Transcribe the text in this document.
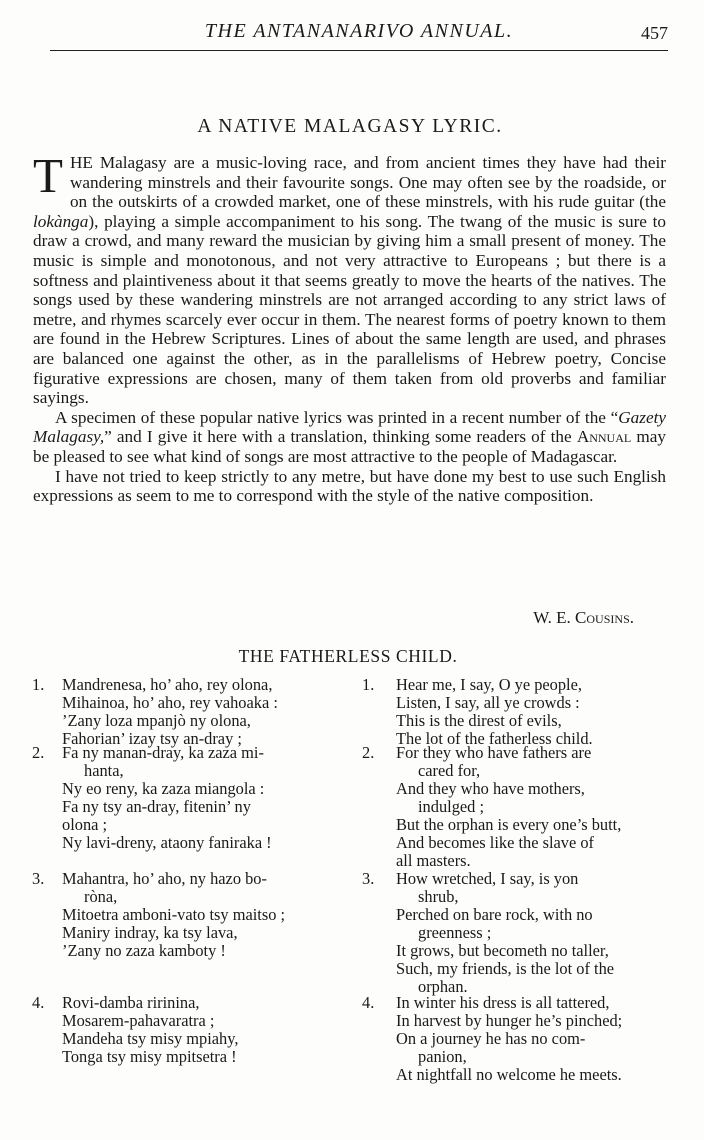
THE ANTANANARIVO ANNUAL.	457
A NATIVE MALAGASY LYRIC.

THE Malagasy are a music-loving race, and from ancient times they have had their wandering minstrels and their favourite songs. One may often see by the roadside, or on the outskirts of a crowded market, one of these minstrels, with his rude guitar (the lokànga), playing a simple accompaniment to his song. The twang of the music is sure to draw a crowd, and many reward the musician by giving him a small present of money. The music is simple and monotonous, and not very attractive to Europeans ; but there is a softness and plaintiveness about it that seems greatly to move the hearts of the natives. The songs used by these wandering minstrels are not arranged according to any strict laws of metre, and rhymes scarcely ever occur in them. The nearest forms of poetry known to them are found in the Hebrew Scriptures. Lines of about the same length are used, and phrases are balanced one against the other, as in the parallelisms of Hebrew poetry, Concise figurative expressions are chosen, many of them taken from old proverbs and familiar sayings.

A specimen of these popular native lyrics was printed in a recent number of the “Gazety Malagasy,” and I give it here with a translation, thinking some readers of the Annual may be pleased to see what kind of songs are most attractive to the people of Madagascar.

I have not tried to keep strictly to any metre, but have done my best to use such English expressions as seem to me to correspond with the style of the native composition.

W. E. Cousins.
THE FATHERLESS CHILD.
1. Mandrenesa, ho’ aho, rey olona,
Mihainoa, ho’ aho, rey vahoaka :
’Zany loza mpanjò ny olona,
Fahorian’ izay tsy an-dray ;
2. Fa ny manan-dray, ka zaza mi-
hanta,
Ny eo reny, ka zaza miangola :
Fa ny tsy an-dray, fitenin’ ny
olona ;
Ny lavi-dreny, ataony faniraka !
3. Mahantra, ho’ aho, ny hazo bo-
ròna,
Mitoetra amboni-vato tsy maitso ;
Maniry indray, ka tsy lava,
’Zany no zaza kamboty !
4. Rovi-damba ririnina,
Mosarem-pahavaratra ;
Mandeha tsy misy mpiahy,
Tonga tsy misy mpitsetra !
1. Hear me, I say, O ye people,
Listen, I say, all ye crowds :
This is the direst of evils,
The lot of the fatherless child.
2. For they who have fathers are
cared for,
And they who have mothers,
indulged ;
But the orphan is every one’s butt,
And becomes like the slave of
all masters.
3. How wretched, I say, is yon
shrub,
Perched on bare rock, with no
greenness ;
It grows, but becometh no taller,
Such, my friends, is the lot of the
orphan.
4. In winter his dress is all tattered,
In harvest by hunger he’s pinched;
On a journey he has no com-
panion,
At nightfall no welcome he meets.
